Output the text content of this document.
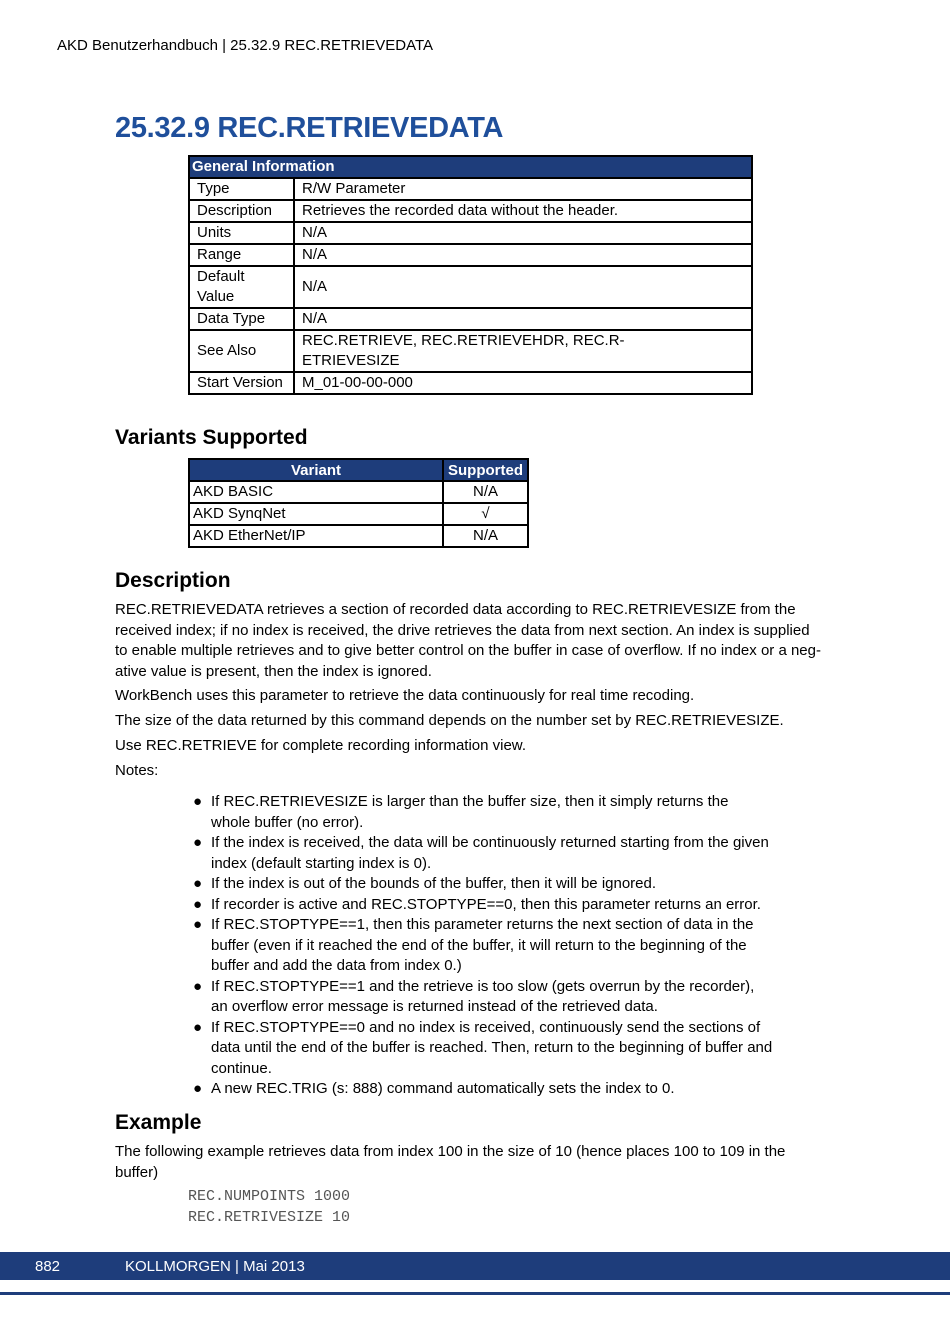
AKD Benutzerhandbuch | 25.32.9 REC.RETRIEVEDATA
25.32.9 REC.RETRIEVEDATA
General Information	
Type	R/W Parameter
Description	Retrieves the recorded data without the header.
Units	N/A
Range	N/A

Default
Value	N/A
Data Type	N/A
See Also	REC.RETRIEVE, REC.RETRIEVEHDR, REC.R-
ETRIEVESIZE

Start Version	M_01-00-00-000
Variants Supported
Variant	Supported
AKD BASIC	N/A
AKD SynqNet	√
AKD EtherNet/IP	N/A
Description
REC.RETRIEVEDATA retrieves a section of recorded data according to REC.RETRIEVESIZE from the
received index; if no index is received, the drive retrieves the data from next section. An index is supplied
to enable multiple retrieves and to give better control on the buffer in case of overflow. If no index or a neg-
ative value is present, then the index is ignored.

WorkBench uses this parameter to retrieve the data continuously for real time recoding.

The size of the data returned by this command depends on the number set by REC.RETRIEVESIZE.

Use REC.RETRIEVE for complete recording information view.

Notes:

● If REC.RETRIEVESIZE is larger than the buffer size, then it simply returns the
whole buffer (no error).
● If the index is received, the data will be continuously returned starting from the given
index (default starting index is 0).
● If the index is out of the bounds of the buffer, then it will be ignored.
● If recorder is active and REC.STOPTYPE==0, then this parameter returns an error.
● If REC.STOPTYPE==1, then this parameter returns the next section of data in the
buffer (even if it reached the end of the buffer, it will return to the beginning of the
buffer and add the data from index 0.)
● If REC.STOPTYPE==1 and the retrieve is too slow (gets overrun by the recorder),
an overflow error message is returned instead of the retrieved data.
● If REC.STOPTYPE==0 and no index is received, continuously send the sections of
data until the end of the buffer is reached. Then, return to the beginning of buffer and
continue.
● A new REC.TRIG (s: 888) command automatically sets the index to 0.
Example
The following example retrieves data from index 100 in the size of 10 (hence places 100 to 109 in the
buffer)
REC.NUMPOINTS 1000
REC.RETRIVESIZE 10
882	KOLLMORGEN | Mai 2013
